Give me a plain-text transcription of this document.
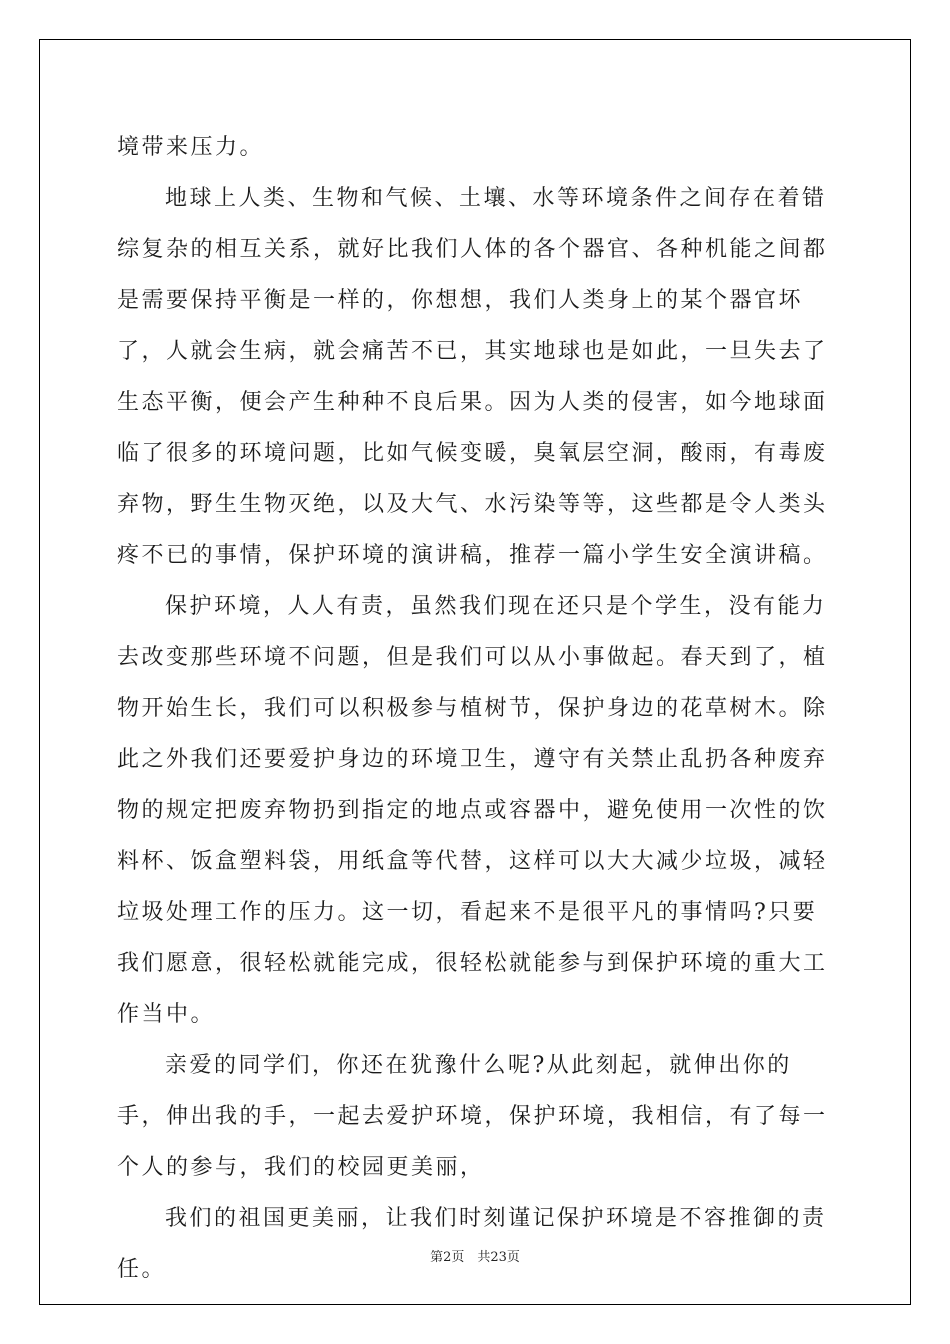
境带来压力。

地球上人类、生物和气候、土壤、水等环境条件之间存在着错综复杂的相互关系，就好比我们人体的各个器官、各种机能之间都是需要保持平衡是一样的，你想想，我们人类身上的某个器官坏了，人就会生病，就会痛苦不已，其实地球也是如此，一旦失去了生态平衡，便会产生种种不良后果。因为人类的侵害，如今地球面临了很多的环境问题，比如气候变暖，臭氧层空洞，酸雨，有毒废弃物，野生生物灭绝，以及大气、水污染等等，这些都是令人类头疼不已的事情，保护环境的演讲稿，推荐一篇小学生安全演讲稿。

保护环境，人人有责，虽然我们现在还只是个学生，没有能力去改变那些环境不问题，但是我们可以从小事做起。春天到了，植物开始生长，我们可以积极参与植树节，保护身边的花草树木。除此之外我们还要爱护身边的环境卫生，遵守有关禁止乱扔各种废弃物的规定把废弃物扔到指定的地点或容器中，避免使用一次性的饮料杯、饭盒塑料袋，用纸盒等代替，这样可以大大减少垃圾，减轻垃圾处理工作的压力。这一切，看起来不是很平凡的事情吗?只要我们愿意，很轻松就能完成，很轻松就能参与到保护环境的重大工作当中。

亲爱的同学们，你还在犹豫什么呢?从此刻起，就伸出你的手，伸出我的手，一起去爱护环境，保护环境，我相信，有了每一个人的参与，我们的校园更美丽，

我们的祖国更美丽，让我们时刻谨记保护环境是不容推御的责任。	第2页　共23页
